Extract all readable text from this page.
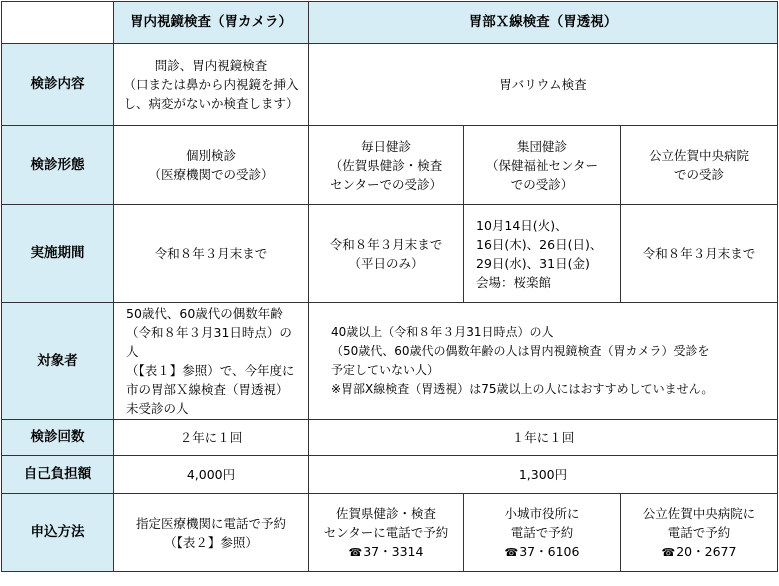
	胃内視鏡検査（胃カメラ）	胃部Ｘ線検査（胃透視）		
検診内容	問診、胃内視鏡検査
（口または鼻から内視鏡を挿入
し、病変がないか検査します）	胃バリウム検査		
検診形態	個別検診
（医療機関での受診）	毎日健診
（佐賀県健診・検査
センターでの受診）	集団健診
（保健福祉センター
での受診）	公立佐賀中央病院
での受診

実施期間	令和８年３月末まで	令和８年３月末まで
（平日のみ）	10月14日(火)、
16日(木)、26日(日)、
29日(水)、31日(金)
会場：桜楽館	令和８年３月末まで
対象者	50歳代、60歳代の偶数年齢
（令和８年３月31日時点）の人
（【表１】参照）で、今年度に
市の胃部Ｘ線検査（胃透視）
未受診の人	40歳以上（令和８年３月31日時点）の人
（50歳代、60歳代の偶数年齢の人は胃内視鏡検査（胃カメラ）受診を
予定していない人）
※胃部X線検査（胃透視）は75歳以上の人にはおすすめしていません。		

検診回数	２年に１回	１年に１回		
自己負担額	4,000円	1,300円		
申込方法	指定医療機関に電話で予約
（【表２】参照）	佐賀県健診・検査
センターに電話で予約
☎ 37・3314	小城市役所に
電話で予約
☎ 37・6106	公立佐賀中央病院に
電話で予約
☎ 20・2677
